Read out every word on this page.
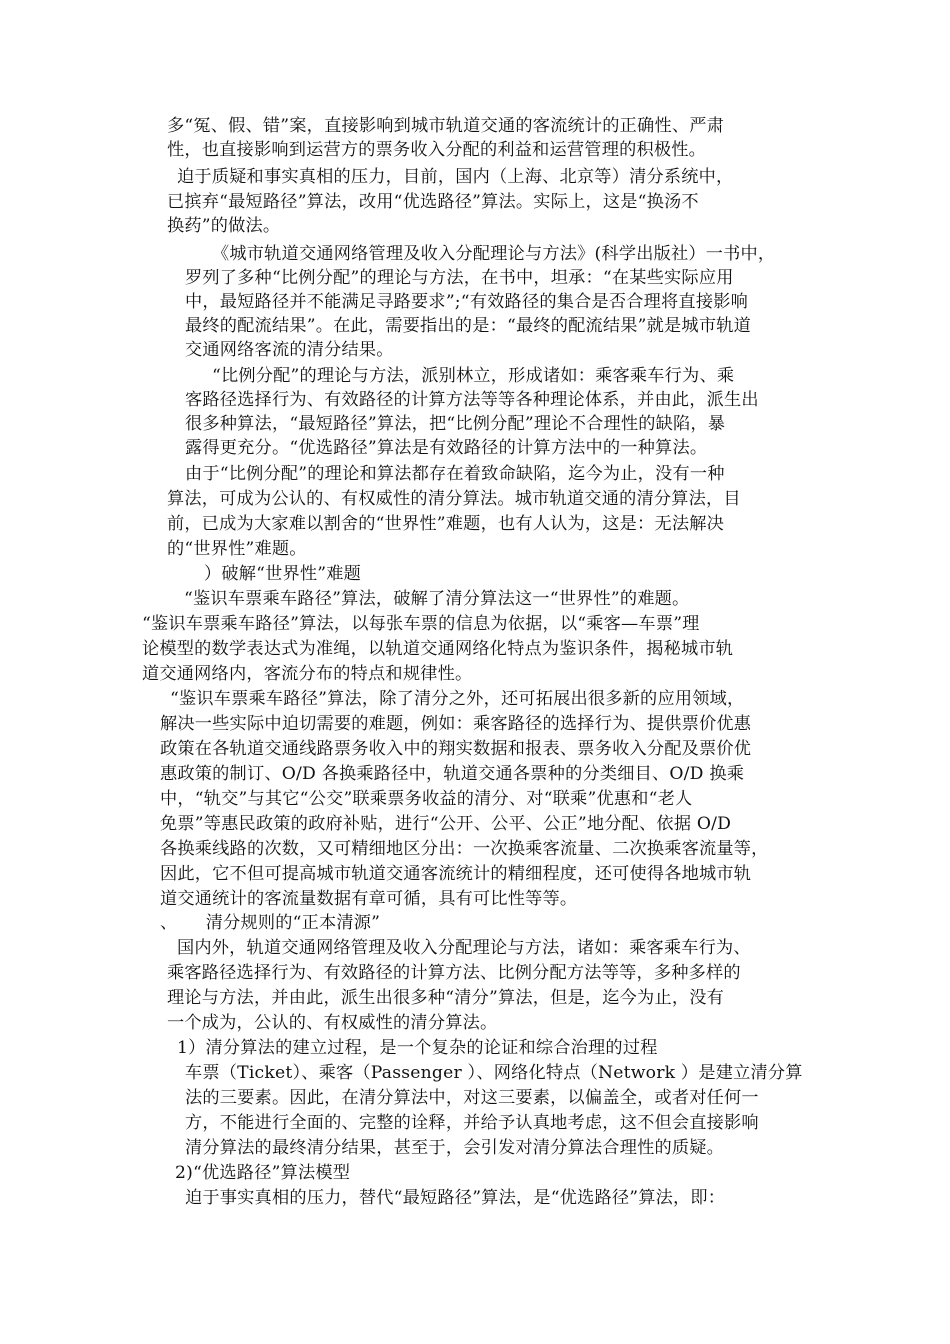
多“冤、假、错”案，直接影响到城市轨道交通的客流统计的正确性、严肃

性，也直接影响到运营方的票务收入分配的利益和运营管理的积极性。

迫于质疑和事实真相的压力，目前，国内（上海、北京等）清分系统中，

已摈弃“最短路径”算法，改用“优选路径”算法。实际上，这是“换汤不

换药”的做法。

《城市轨道交通网络管理及收入分配理论与方法》(科学出版社）一书中，

罗列了多种“比例分配”的理论与方法，在书中，坦承：“在某些实际应用

中，最短路径并不能满足寻路要求”;“有效路径的集合是否合理将直接影响

最终的配流结果”。在此，需要指出的是：“最终的配流结果”就是城市轨道

交通网络客流的清分结果。

“比例分配”的理论与方法，派别林立，形成诸如：乘客乘车行为、乘

客路径选择行为、有效路径的计算方法等等各种理论体系，并由此，派生出

很多种算法，“最短路径”算法，把“比例分配”理论不合理性的缺陷，暴

露得更充分。“优选路径”算法是有效路径的计算方法中的一种算法。

由于“比例分配”的理论和算法都存在着致命缺陷，迄今为止，没有一种

算法，可成为公认的、有权威性的清分算法。城市轨道交通的清分算法，目

前，已成为大家难以割舍的“世界性”难题，也有人认为，这是：无法解决

的“世界性”难题。

）破解“世界性”难题

“鉴识车票乘车路径”算法，破解了清分算法这一“世界性”的难题。

“鉴识车票乘车路径”算法，以每张车票的信息为依据，以“乘客—车票”理

论模型的数学表达式为准绳，以轨道交通网络化特点为鉴识条件，揭秘城市轨

道交通网络内，客流分布的特点和规律性。

“鉴识车票乘车路径”算法，除了清分之外，还可拓展出很多新的应用领域，

解决一些实际中迫切需要的难题，例如：乘客路径的选择行为、提供票价优惠

政策在各轨道交通线路票务收入中的翔实数据和报表、票务收入分配及票价优

惠政策的制订、O/D 各换乘路径中，轨道交通各票种的分类细目、O/D 换乘

中，“轨交”与其它“公交”联乘票务收益的清分、对“联乘”优惠和“老人

免票”等惠民政策的政府补贴，进行“公开、公平、公正”地分配、依据 O/D

各换乘线路的次数，又可精细地区分出：一次换乘客流量、二次换乘客流量等，

因此，它不但可提高城市轨道交通客流统计的精细程度，还可使得各地城市轨

道交通统计的客流量数据有章可循，具有可比性等等。

、     清分规则的“正本清源”

国内外，轨道交通网络管理及收入分配理论与方法，诸如：乘客乘车行为、

乘客路径选择行为、有效路径的计算方法、比例分配方法等等，多种多样的

理论与方法，并由此，派生出很多种“清分”算法，但是，迄今为止，没有

一个成为，公认的、有权威性的清分算法。

1）清分算法的建立过程，是一个复杂的论证和综合治理的过程

车票（Ticket）、乘客（Passenger ）、网络化特点（Network ）是建立清分算

法的三要素。因此，在清分算法中，对这三要素，以偏盖全，或者对任何一

方，不能进行全面的、完整的诠释，并给予认真地考虑，这不但会直接影响

清分算法的最终清分结果，甚至于，会引发对清分算法合理性的质疑。

2)“优选路径”算法模型

迫于事实真相的压力，替代“最短路径”算法，是“优选路径”算法，即：
